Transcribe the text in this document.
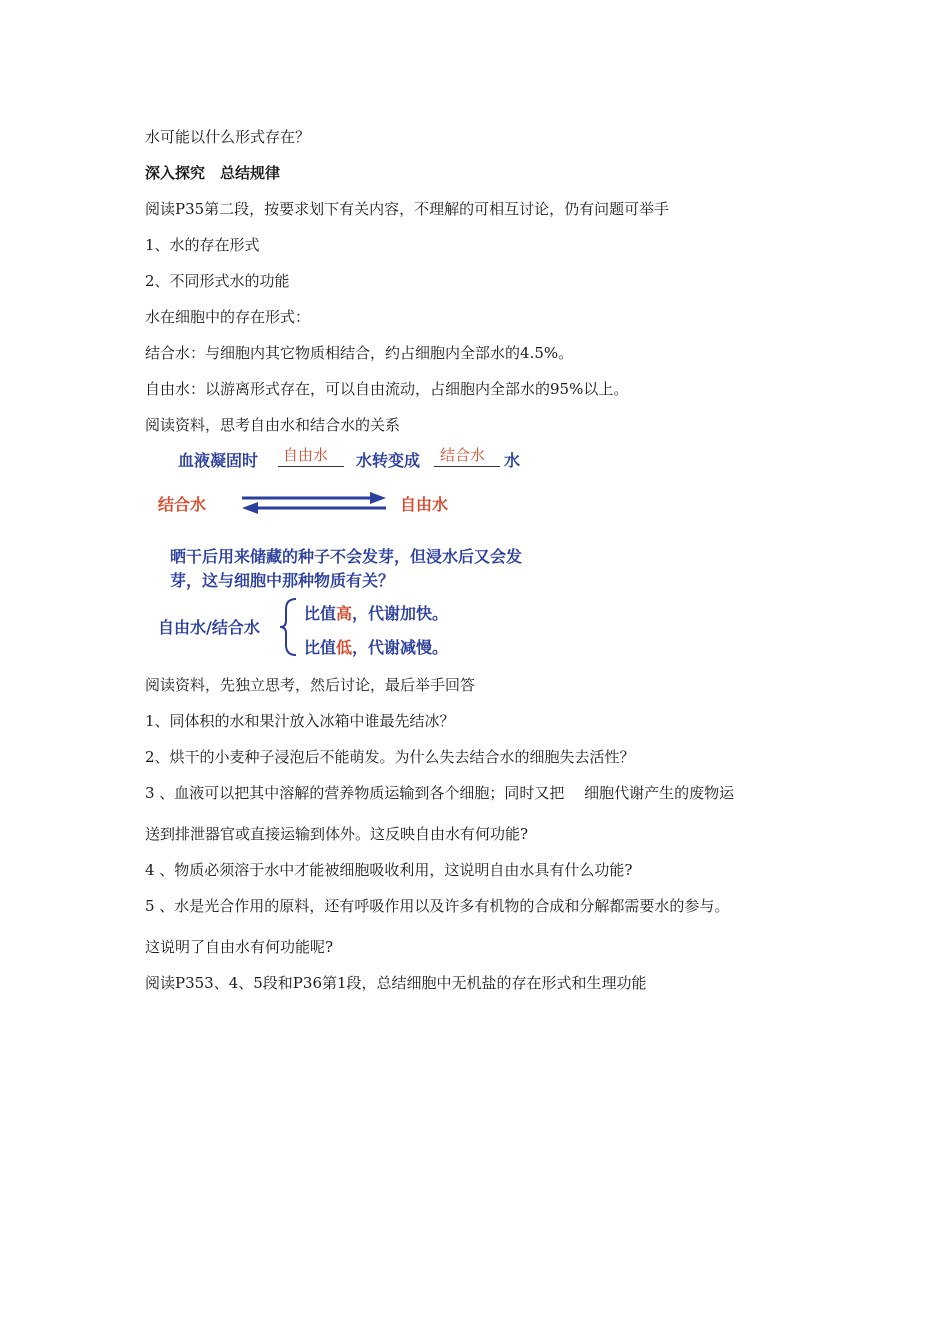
水可能以什么形式存在？
深入探究　总结规律
阅读P35第二段，按要求划下有关内容，不理解的可相互讨论，仍有问题可举手
1、水的存在形式
2、不同形式水的功能
水在细胞中的存在形式：
结合水：与细胞内其它物质相结合，约占细胞内全部水的4.5%。
自由水：以游离形式存在，可以自由流动，占细胞内全部水的95%以上。
阅读资料，思考自由水和结合水的关系
血液凝固时 自由水 水转变成 结合水 水
结合水	自由水
晒干后用来储藏的种子不会发芽，但浸水后又会发
芽，这与细胞中那种物质有关？
自由水/结合水
比值高，代谢加快。
比值低，代谢减慢。
阅读资料，先独立思考，然后讨论，最后举手回答
1、同体积的水和果汁放入冰箱中谁最先结冰？
2、烘干的小麦种子浸泡后不能萌发。为什么失去结合水的细胞失去活性？
3 、血液可以把其中溶解的营养物质运输到各个细胞；同时又把　 细胞代谢产生的废物运
送到排泄器官或直接运输到体外。这反映自由水有何功能?
4 、物质必须溶于水中才能被细胞吸收利用，这说明自由水具有什么功能?
5 、水是光合作用的原料，还有呼吸作用以及许多有机物的合成和分解都需要水的参与。
这说明了自由水有何功能呢?
阅读P353、4、5段和P36第1段，总结细胞中无机盐的存在形式和生理功能
